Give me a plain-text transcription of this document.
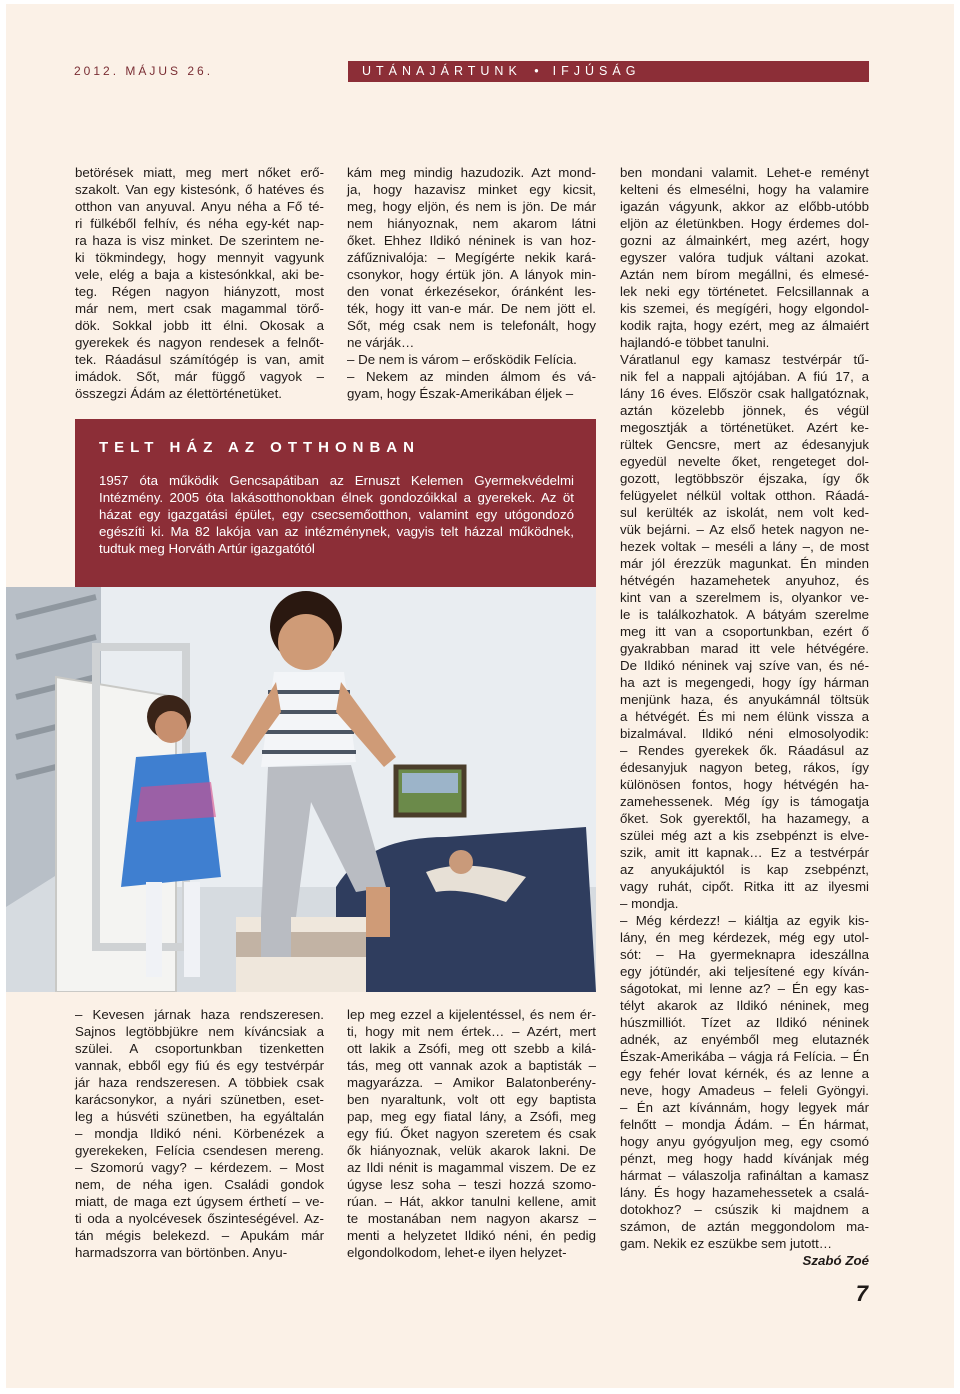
2012. MÁJUS 26.	UTÁNAJÁRTUNK • IFJÚSÁG

betörések miatt, meg mert nőket erő-

szakolt. Van egy kistesónk, ő hatéves és

otthon van anyuval. Anyu néha a Fő té-

ri fülkéből felhív, és néha egy-két nap-

ra haza is visz minket. De szerintem ne-

ki tökmindegy, hogy mennyit vagyunk

vele, elég a baja a kistesónkkal, aki be-

teg. Régen nagyon hiányzott, most

már nem, mert csak magammal törő-

dök. Sokkal jobb itt élni. Okosak a

gyerekek és nagyon rendesek a felnőt-

tek. Ráadásul számítógép is van, amit

imádok. Sőt, már függő vagyok –

összegzi Ádám az élettörténetüket.

kám meg mindig hazudozik. Azt mond-

ja, hogy hazavisz minket egy kicsit,

meg, hogy eljön, és nem is jön. De már

nem hiányoznak, nem akarom látni

őket. Ehhez Ildikó néninek is van hoz-

záfűznivalója: – Megígérte nekik kará-

csonykor, hogy értük jön. A lányok min-

den vonat érkezésekor, óránként les-

ték, hogy itt van-e már. De nem jött el.

Sőt, még csak nem is telefonált, hogy

ne várják…

– De nem is várom – erősködik Felícia.

– Nekem az minden álmom és vá-

gyam, hogy Észak-Amerikában éljek –

TELT HÁZ AZ OTTHONBAN
1957 óta működik Gencsapátiban az Ernuszt Kelemen Gyermekvédelmi Intézmény. 2005 óta lakásotthonokban élnek gondozóikkal a gyerekek. Az öt házat egy igazgatási épület, egy csecsemőotthon, valamint egy utógondozó egészíti ki. Ma 82 lakója van az intézménynek, vagyis telt házzal működnek, tudtuk meg Horváth Artúr igazgatótól

– Kevesen járnak haza rendszeresen.

Sajnos legtöbbjükre nem kíváncsiak a

szülei. A csoportunkban tizenketten

vannak, ebből egy fiú és egy testvérpár

jár haza rendszeresen. A többiek csak

karácsonykor, a nyári szünetben, eset-

leg a húsvéti szünetben, ha egyáltalán

– mondja Ildikó néni. Körbenézek a

gyerekeken, Felícia csendesen mereng.

– Szomorú vagy? – kérdezem. – Most

nem, de néha igen. Családi gondok

miatt, de maga ezt úgysem érthetí – ve-

ti oda a nyolcévesek őszinteségével. Az-

tán mégis belekezd. – Apukám már

harmadszorra van börtönben. Anyu-

lep meg ezzel a kijelentéssel, és nem ér-

ti, hogy mit nem értek… – Azért, mert

ott lakik a Zsófi, meg ott szebb a kilá-

tás, meg ott vannak azok a baptisták –

magyarázza. – Amikor Balatonberény-

ben nyaraltunk, volt ott egy baptista

pap, meg egy fiatal lány, a Zsófi, meg

egy fiú. Őket nagyon szeretem és csak

ők hiányoznak, velük akarok lakni. De

az Ildi nénit is magammal viszem. De ez

úgyse lesz soha – teszi hozzá szomo-

rúan. – Hát, akkor tanulni kellene, amit

te mostanában nem nagyon akarsz –

menti a helyzetet Ildikó néni, én pedig

elgondolkodom, lehet-e ilyen helyzet-

ben mondani valamit. Lehet-e reményt

kelteni és elmesélni, hogy ha valamire

igazán vágyunk, akkor az előbb-utóbb

eljön az életünkben. Hogy érdemes dol-

gozni az álmainkért, meg azért, hogy

egyszer valóra tudjuk váltani azokat.

Aztán nem bírom megállni, és elmesé-

lek neki egy történetet. Felcsillannak a

kis szemei, és megígéri, hogy elgondol-

kodik rajta, hogy ezért, meg az álmaiért

hajlandó-e többet tanulni.

Váratlanul egy kamasz testvérpár tű-

nik fel a nappali ajtójában. A fiú 17, a

lány 16 éves. Először csak hallgatóznak,

aztán közelebb jönnek, és végül

megosztják a történetüket. Azért ke-

rültek Gencsre, mert az édesanyjuk

egyedül nevelte őket, rengeteget dol-

gozott, legtöbbször éjszaka, így ők

felügyelet nélkül voltak otthon. Ráadá-

sul kerülték az iskolát, nem volt ked-

vük bejárni. – Az első hetek nagyon ne-

hezek voltak – meséli a lány –, de most

már jól érezzük magunkat. Én minden

hétvégén hazamehetek anyuhoz, és

kint van a szerelmem is, olyankor ve-

le is találkozhatok. A bátyám szerelme

meg itt van a csoportunkban, ezért ő

gyakrabban marad itt vele hétvégére.

De Ildikó néninek vaj szíve van, és né-

ha azt is megengedi, hogy így hárman

menjünk haza, és anyukámnál töltsük

a hétvégét. És mi nem élünk vissza a

bizalmával. Ildikó néni elmosolyodik:

– Rendes gyerekek ők. Ráadásul az

édesanyjuk nagyon beteg, rákos, így

különösen fontos, hogy hétvégén ha-

zamehessenek. Még így is támogatja

őket. Sok gyerektől, ha hazamegy, a

szülei még azt a kis zsebpénzt is elve-

szik, amit itt kapnak… Ez a testvérpár

az anyukájuktól is kap zsebpénzt,

vagy ruhát, cipőt. Ritka itt az ilyesmi

– mondja.

– Még kérdezz! – kiáltja az egyik kis-

lány, én meg kérdezek, még egy utol-

sót: – Ha gyermeknapra ideszállna

egy jótündér, aki teljesítené egy kíván-

ságotokat, mi lenne az? – Én egy kas-

télyt akarok az Ildikó néninek, meg

húszmilliót. Tízet az Ildikó néninek

adnék, az enyémből meg elutaznék

Észak-Amerikába – vágja rá Felícia. – Én

egy fehér lovat kérnék, és az lenne a

neve, hogy Amadeus – feleli Gyöngyi.

– Én azt kívánnám, hogy legyek már

felnőtt – mondja Ádám. – Én hármat,

hogy anyu gyógyuljon meg, egy csomó

pénzt, meg hogy hadd kívánjak még

hármat – válaszolja rafináltan a kamasz

lány. És hogy hazamehessetek a csalá-

dotokhoz? – csúszik ki majdnem a

számon, de aztán meggondolom ma-

gam. Nekik ez eszükbe sem jutott…

Szabó Zoé
7
